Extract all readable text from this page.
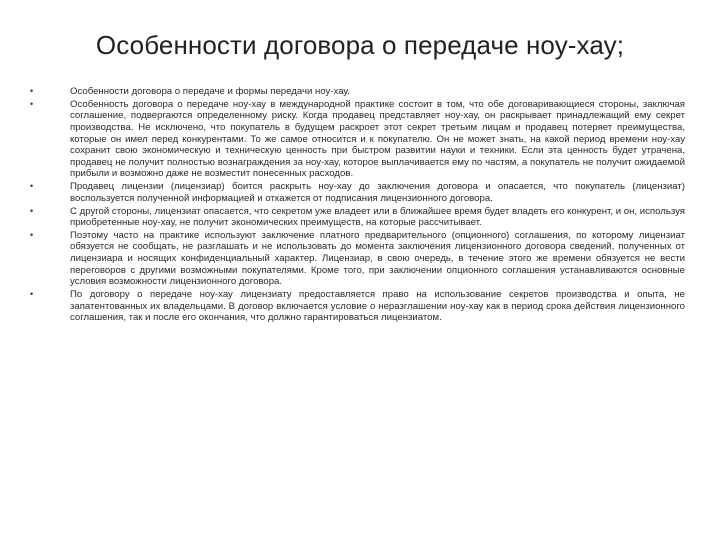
Особенности договора о передаче ноу-хау;
•	Особенности договора о передаче и формы передачи ноу-хау.
•	Особенность договора о передаче ноу-хау в международной практике состоит в том, что обе договаривающиеся стороны, заключая соглашение, подвергаются определенному риску. Когда продавец представляет ноу-хау, он раскрывает принадлежащий ему секрет производства. Не исключено, что покупатель в будущем раскроет этот секрет третьим лицам и продавец потеряет преимущества, которые он имел перед конкурентами. То же самое относится и к покупателю. Он не может знать, на какой период времени ноу-хау сохранит свою экономическую и техническую ценность при быстром развитии науки и техники. Если эта ценность будет утрачена, продавец не получит полностью вознаграждения за ноу-хау, которое выплачивается ему по частям, а покупатель не получит ожидаемой прибыли и возможно даже не возместит понесенных расходов.
•	Продавец лицензии (лицензиар) боится раскрыть ноу-хау до заключения договора и опасается, что покупатель (лицензиат) воспользуется полученной информацией и откажется от подписания лицензионного договора.
•	С другой стороны, лицензиат опасается, что секретом уже владеет или в ближайшее время будет владеть его конкурент, и он, используя приобретенные ноу-хау, не получит экономических преимуществ, на которые рассчитывает.
•	Поэтому часто на практике используют заключение платного предварительного (опционного) соглашения, по которому лицензиат обязуется не сообщать, не разглашать и не использовать до момента заключения лицензионного договора сведений, полученных от лицензиара и носящих конфиденциальный характер. Лицензиар, в свою очередь, в течение этого же времени обязуется не вести переговоров с другими возможными покупателями. Кроме того, при заключении опционного соглашения устанавливаются основные условия возможности лицензионного договора.
•	По договору о передаче ноу-хау лицензиату предоставляется право на использование секретов производства и опыта, не запатентованных их владельцами. В договор включается условие о неразглашении ноу-хау как в период срока действия лицензионного соглашения, так и после его окончания, что должно гарантироваться лицензиатом.
